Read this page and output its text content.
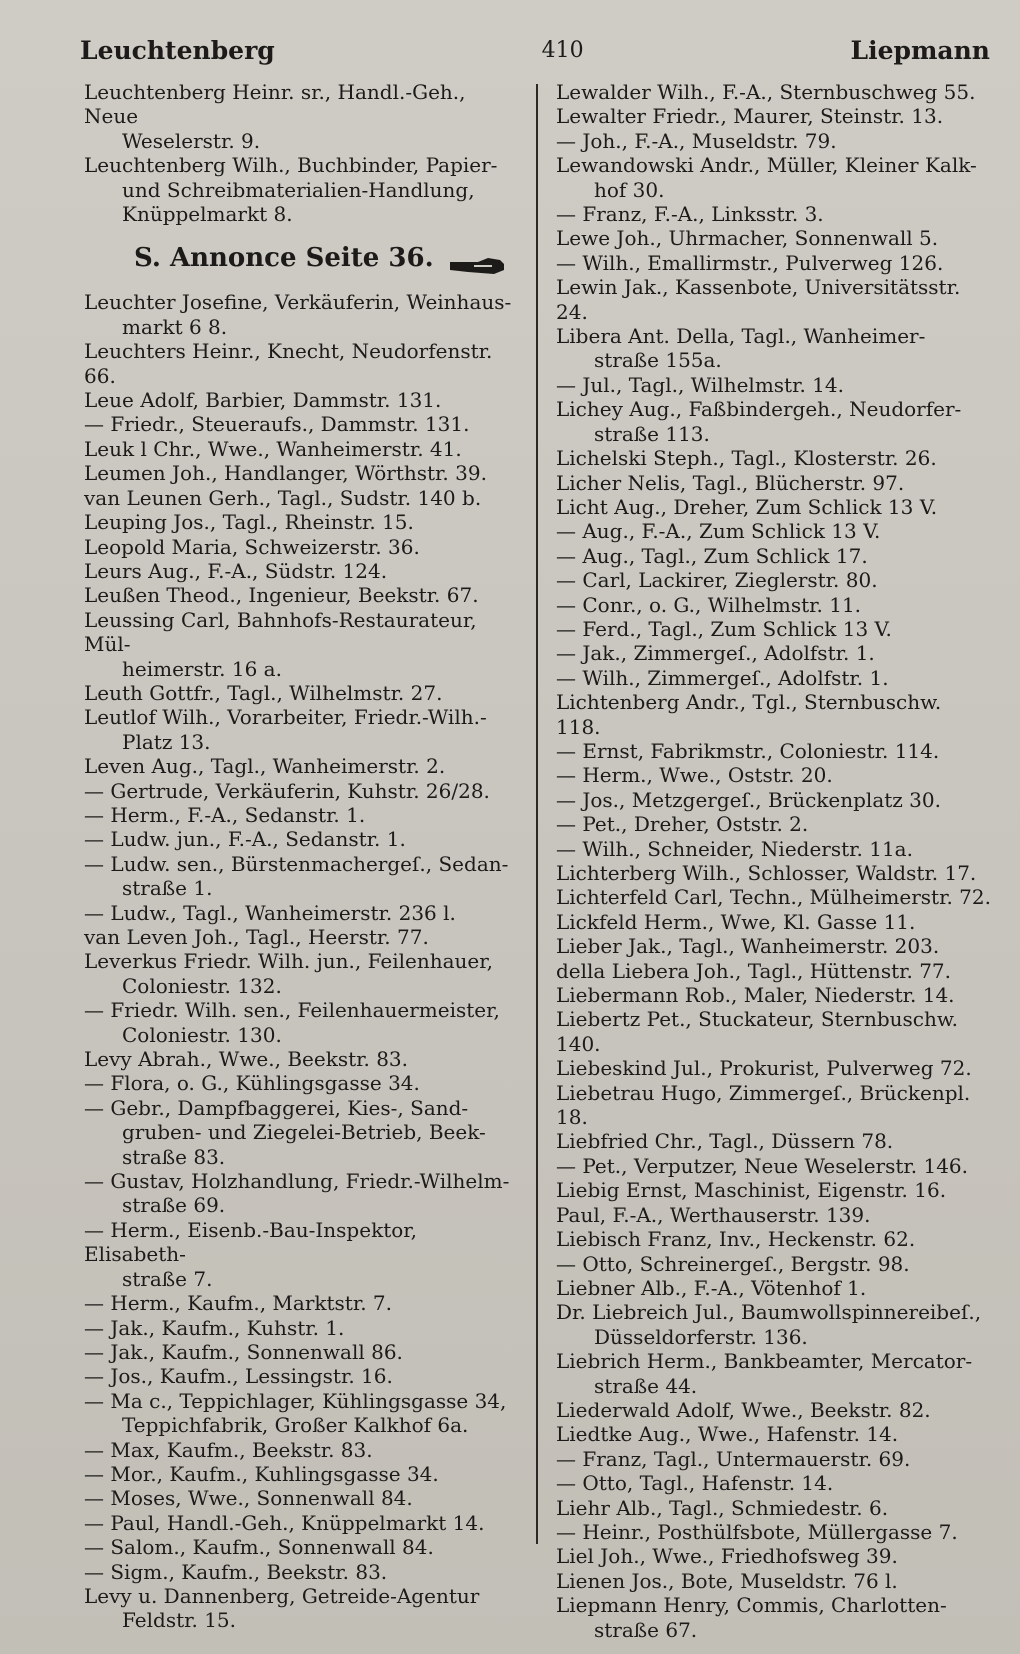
Leuchtenberg	410	Liepmann
Leuchtenberg Heinr. sr., Handl.-Geh., Neue
Weselerstr. 9.
Leuchtenberg Wilh., Buchbinder, Papier-
und Schreibmaterialien-Handlung, Knüppelmarkt 8.
S. Annonce Seite 36.
Leuchter Josefine, Verkäuferin, Weinhaus-
markt 6 8.
Leuchters Heinr., Knecht, Neudorfenstr. 66.
Leue Adolf, Barbier, Dammstr. 131.
— Friedr., Steueraufs., Dammstr. 131.
Leuk l Chr., Wwe., Wanheimerstr. 41.
Leumen Joh., Handlanger, Wörthstr. 39.
van Leunen Gerh., Tagl., Sudstr. 140 b.
Leuping Jos., Tagl., Rheinstr. 15.
Leopold Maria, Schweizerstr. 36.
Leurs Aug., F.-A., Südstr. 124.
Leußen Theod., Ingenieur, Beekstr. 67.
Leussing Carl, Bahnhofs-Restaurateur, Mül-
heimerstr. 16 a.
Leuth Gottfr., Tagl., Wilhelmstr. 27.
Leutlof Wilh., Vorarbeiter, Friedr.-Wilh.-
Platz 13.
Leven Aug., Tagl., Wanheimerstr. 2.
— Gertrude, Verkäuferin, Kuhstr. 26/28.
— Herm., F.-A., Sedanstr. 1.
— Ludw. jun., F.-A., Sedanstr. 1.
— Ludw. sen., Bürstenmachergeſ., Sedan-
straße 1.
— Ludw., Tagl., Wanheimerstr. 236 l.
van Leven Joh., Tagl., Heerstr. 77.
Leverkus Friedr. Wilh. jun., Feilenhauer,
Coloniestr. 132.
— Friedr. Wilh. sen., Feilenhauermeister,
Coloniestr. 130.
Levy Abrah., Wwe., Beekstr. 83.
— Flora, o. G., Kühlingsgasse 34.
— Gebr., Dampfbaggerei, Kies-, Sand-
gruben- und Ziegelei-Betrieb, Beek- straße 83.
— Gustav, Holzhandlung, Friedr.-Wilhelm-
straße 69.
— Herm., Eisenb.-Bau-Inspektor, Elisabeth-
straße 7.
— Herm., Kaufm., Marktstr. 7.
— Jak., Kaufm., Kuhstr. 1.
— Jak., Kaufm., Sonnenwall 86.
— Jos., Kaufm., Lessingstr. 16.
— Ma c., Teppichlager, Kühlingsgasse 34,
Teppichfabrik, Großer Kalkhof 6a.
— Max, Kaufm., Beekstr. 83.
— Mor., Kaufm., Kuhlingsgasse 34.
— Moses, Wwe., Sonnenwall 84.
— Paul, Handl.-Geh., Knüppelmarkt 14.
— Salom., Kaufm., Sonnenwall 84.
— Sigm., Kaufm., Beekstr. 83.
Levy u. Dannenberg, Getreide-Agentur
Feldstr. 15.
Lewalder Wilh., F.-A., Sternbuschweg 55.
Lewalter Friedr., Maurer, Steinstr. 13.
— Joh., F.-A., Museldstr. 79.
Lewandowski Andr., Müller, Kleiner Kalk-
hof 30.
— Franz, F.-A., Linksstr. 3.
Lewe Joh., Uhrmacher, Sonnenwall 5.
— Wilh., Emallirmstr., Pulverweg 126.
Lewin Jak., Kassenbote, Universitätsstr. 24.
Libera Ant. Della, Tagl., Wanheimer-
straße 155a.
— Jul., Tagl., Wilhelmstr. 14.
Lichey Aug., Faßbindergeh., Neudorfer-
straße 113.
Lichelski Steph., Tagl., Klosterstr. 26.
Licher Nelis, Tagl., Blücherstr. 97.
Licht Aug., Dreher, Zum Schlick 13 V.
— Aug., F.-A., Zum Schlick 13 V.
— Aug., Tagl., Zum Schlick 17.
— Carl, Lackirer, Zieglerstr. 80.
— Conr., o. G., Wilhelmstr. 11.
— Ferd., Tagl., Zum Schlick 13 V.
— Jak., Zimmergeſ., Adolfstr. 1.
— Wilh., Zimmergeſ., Adolfstr. 1.
Lichtenberg Andr., Tgl., Sternbuschw. 118.
— Ernst, Fabrikmstr., Coloniestr. 114.
— Herm., Wwe., Oststr. 20.
— Jos., Metzgergeſ., Brückenplatz 30.
— Pet., Dreher, Oststr. 2.
— Wilh., Schneider, Niederstr. 11a.
Lichterberg Wilh., Schlosser, Waldstr. 17.
Lichterfeld Carl, Techn., Mülheimerstr. 72.
Lickfeld Herm., Wwe, Kl. Gasse 11.
Lieber Jak., Tagl., Wanheimerstr. 203.
della Liebera Joh., Tagl., Hüttenstr. 77.
Liebermann Rob., Maler, Niederstr. 14.
Liebertz Pet., Stuckateur, Sternbuschw. 140.
Liebeskind Jul., Prokurist, Pulverweg 72.
Liebetrau Hugo, Zimmergeſ., Brückenpl. 18.
Liebfried Chr., Tagl., Düssern 78.
— Pet., Verputzer, Neue Weselerstr. 146.
Liebig Ernst, Maschinist, Eigenstr. 16.
Paul, F.-A., Werthauserstr. 139.
Liebisch Franz, Inv., Heckenstr. 62.
— Otto, Schreinergeſ., Bergstr. 98.
Liebner Alb., F.-A., Vötenhof 1.
Dr. Liebreich Jul., Baumwollspinnereibeſ.,
Düsseldorferstr. 136.
Liebrich Herm., Bankbeamter, Mercator-
straße 44.
Liederwald Adolf, Wwe., Beekstr. 82.
Liedtke Aug., Wwe., Hafenstr. 14.
— Franz, Tagl., Untermauerstr. 69.
— Otto, Tagl., Hafenstr. 14.
Liehr Alb., Tagl., Schmiedestr. 6.
— Heinr., Posthülfsbote, Müllergasse 7.
Liel Joh., Wwe., Friedhofsweg 39.
Lienen Jos., Bote, Museldstr. 76 l.
Liepmann Henry, Commis, Charlotten-
straße 67.
